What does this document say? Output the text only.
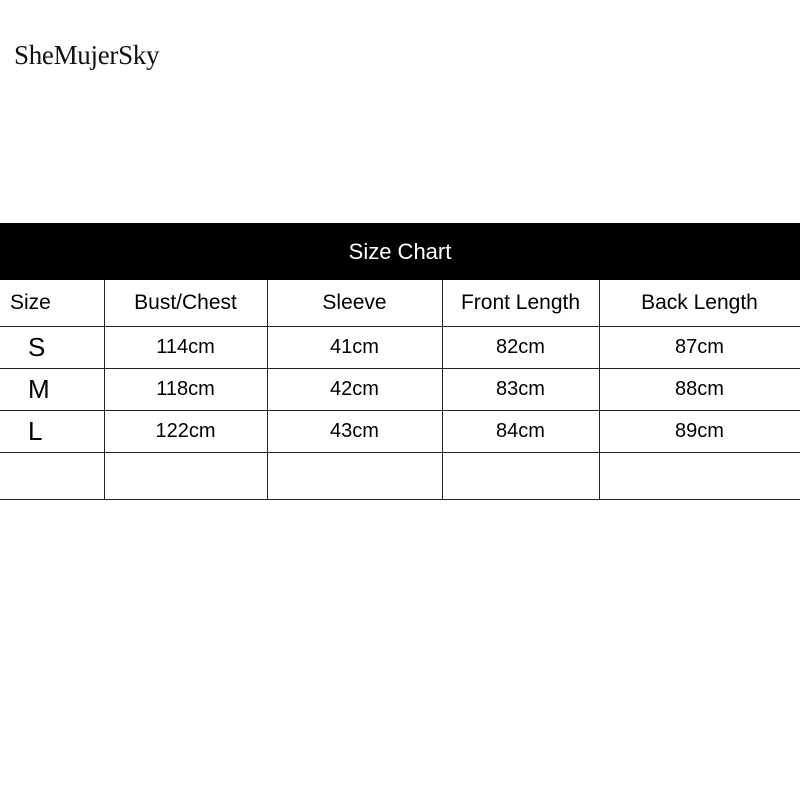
SheMujerSky
Size Chart
Size	Bust/Chest	Sleeve	Front Length	Back Length
S	114cm	41cm	82cm	87cm
M	118cm	42cm	83cm	88cm
L	122cm	43cm	84cm	89cm
